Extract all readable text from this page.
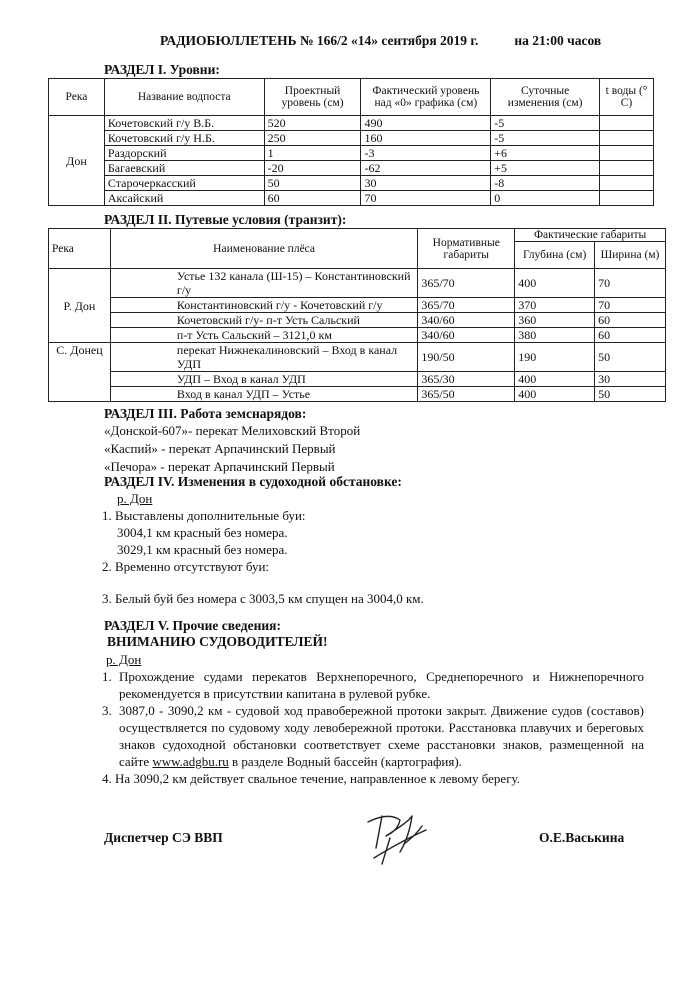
РАДИОБЮЛЛЕТЕНЬ № 166/2 «14» сентября 2019 г.	на 21:00 часов
РАЗДЕЛ I. Уровни:
Река	Название водпоста	Проектный уровень (см)	Фактический уровень над «0» графика (см)	Суточные изменения (см)	t воды (° С)
Дон	Кочетовский г/у В.Б.	520	490	-5	
	Кочетовский г/у Н.Б.	250	160	-5	
	Раздорский	1	-3	+6	
	Багаевский	-20	-62	+5	
	Старочеркасский	50	30	-8	
	Аксайский	60	70	0	
РАЗДЕЛ II. Путевые условия (транзит):
Река	Наименование плёса	Нормативные габариты	Фактические габариты	
			Глубина (см)	Ширина (м)
Р. Дон	Устье 132 канала (Ш-15) – Константиновский г/у	365/70	400	70
	Константиновский г/у - Кочетовский г/у	365/70	370	70
	Кочетовский г/у- п-т Усть Сальский	340/60	360	60
	п-т Усть Сальский – 3121,0 км	340/60	380	60
С. Донец	перекат Нижнекалиновский – Вход в канал УДП	190/50	190	50
	УДП – Вход в канал УДП	365/30	400	30
	Вход в канал УДП – Устье	365/50	400	50
РАЗДЕЛ III. Работа земснарядов:
«Донской-607»- перекат Мелиховский Второй
«Каспий» - перекат Арпачинский Первый
«Печора» - перекат Арпачинский Первый
РАЗДЕЛ IV. Изменения в судоходной обстановке:
р. Дон
1. Выставлены дополнительные буи:
3004,1 км красный без номера.
3029,1 км красный без номера.
2. Временно отсутствуют буи:
3. Белый буй без номера с 3003,5 км спущен на 3004,0 км.
РАЗДЕЛ V. Прочие сведения:
ВНИМАНИЮ СУДОВОДИТЕЛЕЙ!
р. Дон
1. Прохождение судами перекатов Верхнепоречного, Среднепоречного и Нижнепоречного рекомендуется в присутствии капитана в рулевой рубке.
3. 3087,0 - 3090,2 км - судовой ход правобережной протоки закрыт. Движение судов (составов) осуществляется по судовому ходу левобережной протоки. Расстановка плавучих и береговых знаков судоходной обстановки соответствует схеме расстановки знаков, размещенной на сайте www.adgbu.ru в разделе Водный бассейн (картография).
4. На 3090,2 км действует свальное течение, направленное к левому берегу.
Диспетчер СЭ ВВП	О.Е.Васькина
